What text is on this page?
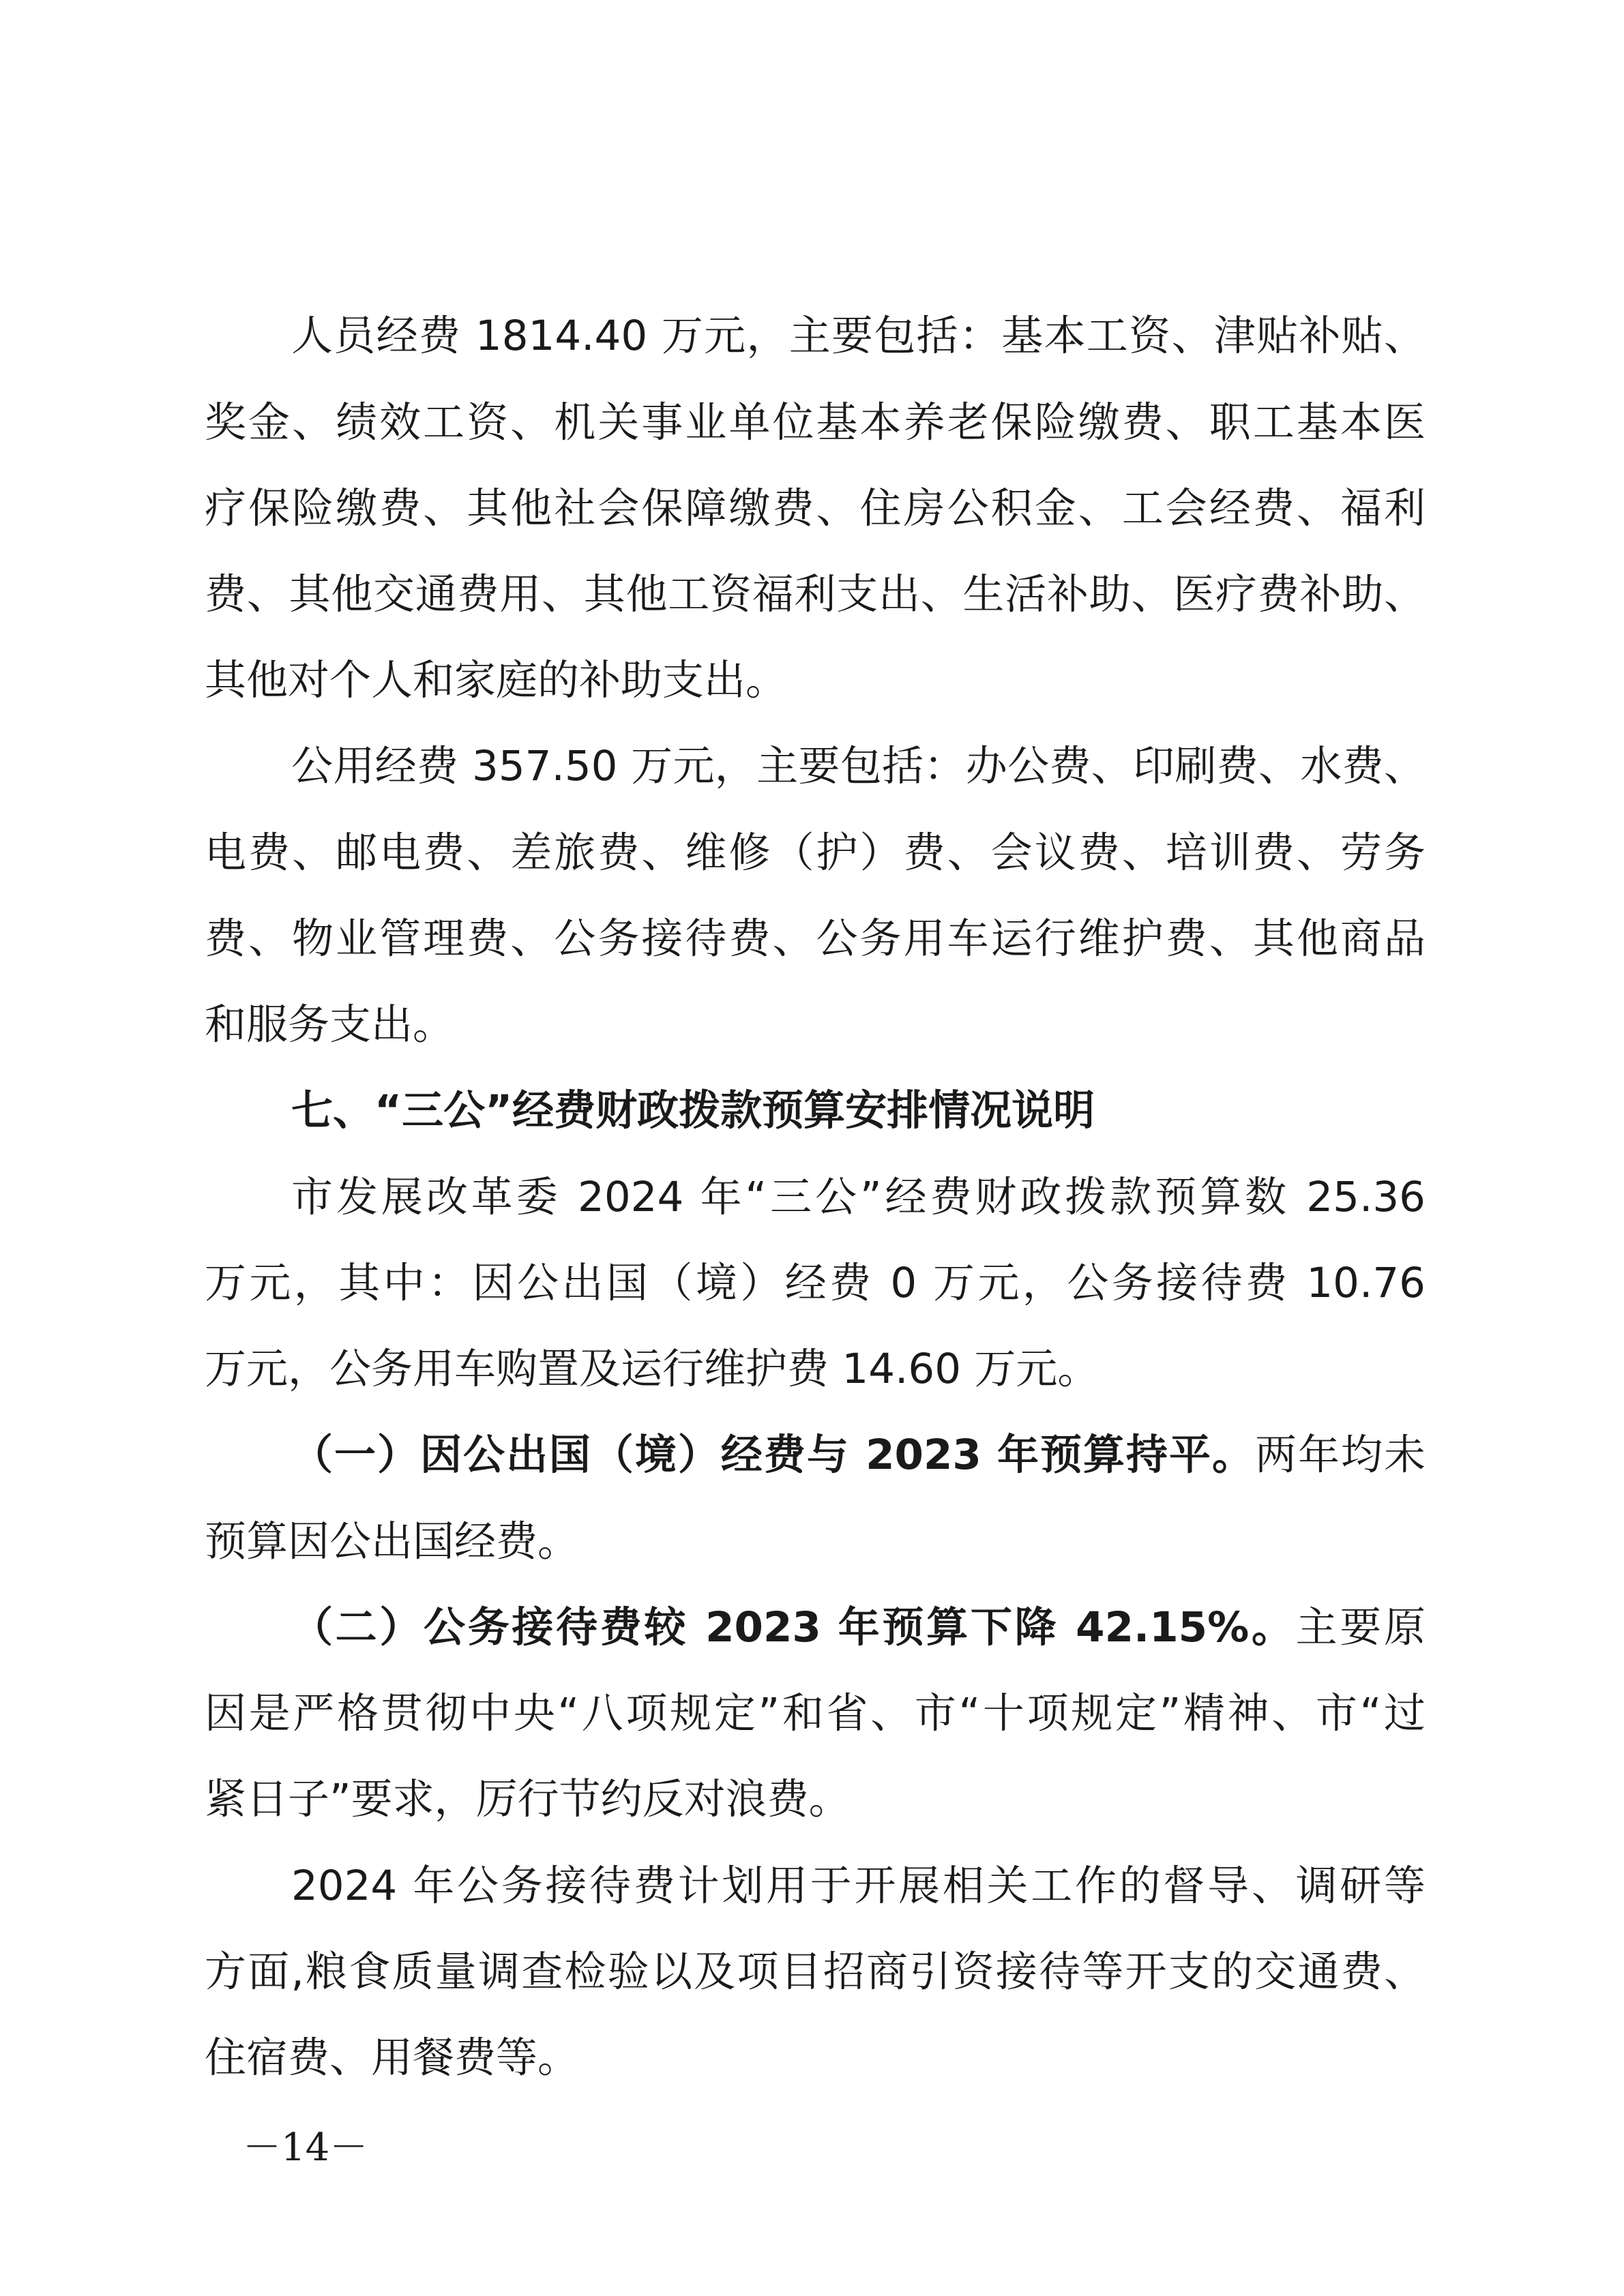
人员经费 1814.40 万元，主要包括：基本工资、津贴补贴、
奖金、绩效工资、机关事业单位基本养老保险缴费、职工基本医
疗保险缴费、其他社会保障缴费、住房公积金、工会经费、福利
费、其他交通费用、其他工资福利支出、生活补助、医疗费补助、
其他对个人和家庭的补助支出。
公用经费 357.50 万元，主要包括：办公费、印刷费、水费、
电费、邮电费、差旅费、维修（护）费、会议费、培训费、劳务
费、物业管理费、公务接待费、公务用车运行维护费、其他商品
和服务支出。
七、“三公”经费财政拨款预算安排情况说明
市发展改革委 2024 年“三公”经费财政拨款预算数 25.36
万元，其中：因公出国（境）经费 0 万元，公务接待费 10.76
万元，公务用车购置及运行维护费 14.60 万元。
（一）因公出国（境）经费与 2023 年预算持平。两年均未
预算因公出国经费。
（二）公务接待费较 2023 年预算下降 42.15%。主要原
因是严格贯彻中央“八项规定”和省、市“十项规定”精神、市“过
紧日子”要求，厉行节约反对浪费。
2024 年公务接待费计划用于开展相关工作的督导、调研等
方面,粮食质量调查检验以及项目招商引资接待等开支的交通费、
住宿费、用餐费等。
－14－
